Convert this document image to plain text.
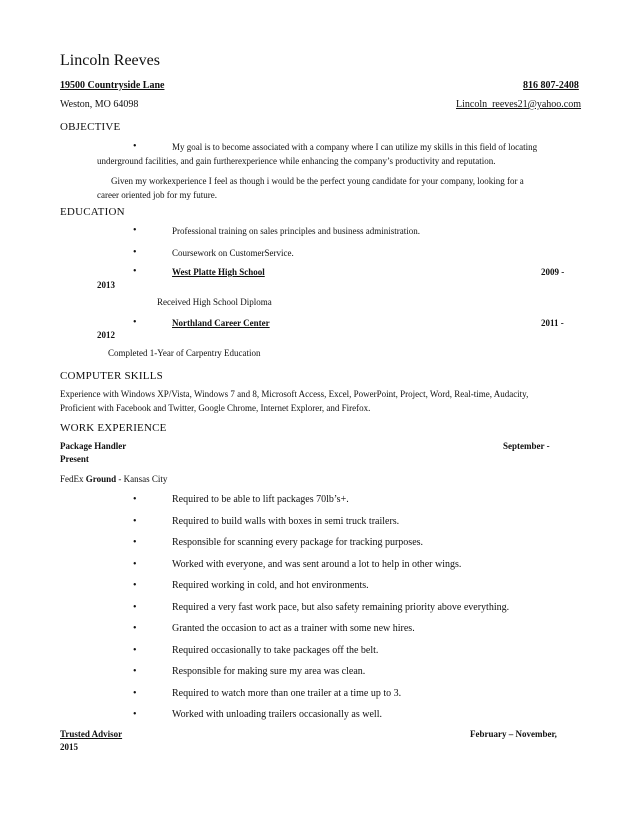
Lincoln Reeves
19500 Countryside Lane	816 807-2408
Weston, MO 64098	Lincoln_reeves21@yahoo.com
OBJECTIVE
•	My goal is to become associated with a company where I can utilize my skills in this field of locating
underground facilities, and gain furtherexperience while enhancing the company’s productivity and reputation.
Given my workexperience I feel as though i would be the perfect young candidate for your company, looking for a
career oriented job for my future.
EDUCATION
•	Professional training on sales principles and business administration.
•	Coursework on CustomerService.
•	West Platte High School	2009 -
2013
Received High School Diploma
•	Northland Career Center	2011 -
2012
Completed 1-Year of Carpentry Education
COMPUTER SKILLS
Experience with Windows XP/Vista, Windows 7 and 8, Microsoft Access, Excel, PowerPoint, Project, Word, Real-time, Audacity,
Proficient with Facebook and Twitter, Google Chrome, Internet Explorer, and Firefox.
WORK EXPERIENCE
Package Handler	September -
Present
FedEx Ground - Kansas City
•	Required to be able to lift packages 70lb’s+.
•	Required to build walls with boxes in semi truck trailers.
•	Responsible for scanning every package for tracking purposes.
•	Worked with everyone, and was sent around a lot to help in other wings.
•	Required working in cold, and hot environments.
•	Required a very fast work pace, but also safety remaining priority above everything.
•	Granted the occasion to act as a trainer with some new hires.
•	Required occasionally to take packages off the belt.
•	Responsible for making sure my area was clean.
•	Required to watch more than one trailer at a time up to 3.
•	Worked with unloading trailers occasionally as well.
Trusted Advisor	February – November,
2015
